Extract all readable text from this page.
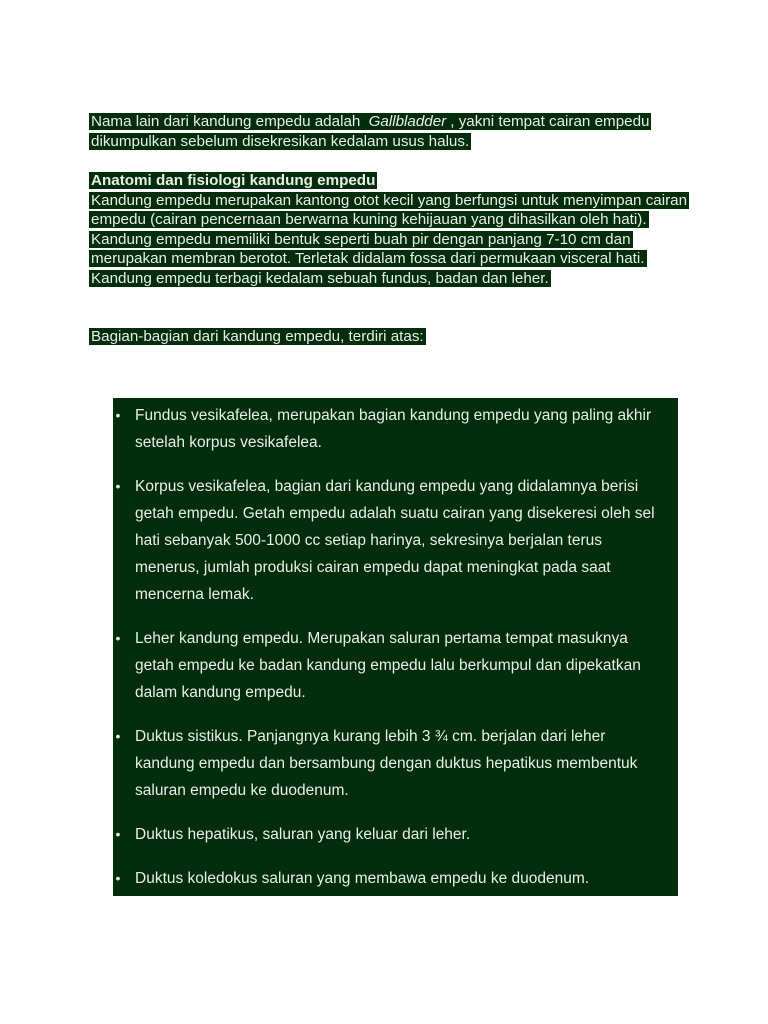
Nama lain dari kandung empedu adalah Gallbladder , yakni tempat cairan empedu dikumpulkan sebelum disekresikan kedalam usus halus.

Anatomi dan fisiologi kandung empedu
Kandung empedu merupakan kantong otot kecil yang berfungsi untuk menyimpan cairan empedu (cairan pencernaan berwarna kuning kehijauan yang dihasilkan oleh hati). Kandung empedu memiliki bentuk seperti buah pir dengan panjang 7-10 cm dan merupakan membran berotot. Terletak didalam fossa dari permukaan visceral hati. Kandung empedu terbagi kedalam sebuah fundus, badan dan leher.

Bagian-bagian dari kandung empedu, terdiri atas:

• Fundus vesikafelea, merupakan bagian kandung empedu yang paling akhir setelah korpus vesikafelea.
• Korpus vesikafelea, bagian dari kandung empedu yang didalamnya berisi getah empedu. Getah empedu adalah suatu cairan yang disekeresi oleh sel hati sebanyak 500-1000 cc setiap harinya, sekresinya berjalan terus menerus, jumlah produksi cairan empedu dapat meningkat pada saat mencerna lemak.
• Leher kandung empedu. Merupakan saluran pertama tempat masuknya getah empedu ke badan kandung empedu lalu berkumpul dan dipekatkan dalam kandung empedu.
• Duktus sistikus. Panjangnya kurang lebih 3 ¾ cm. berjalan dari leher kandung empedu dan bersambung dengan duktus hepatikus membentuk saluran empedu ke duodenum.
• Duktus hepatikus, saluran yang keluar dari leher.
• Duktus koledokus saluran yang membawa empedu ke duodenum.
